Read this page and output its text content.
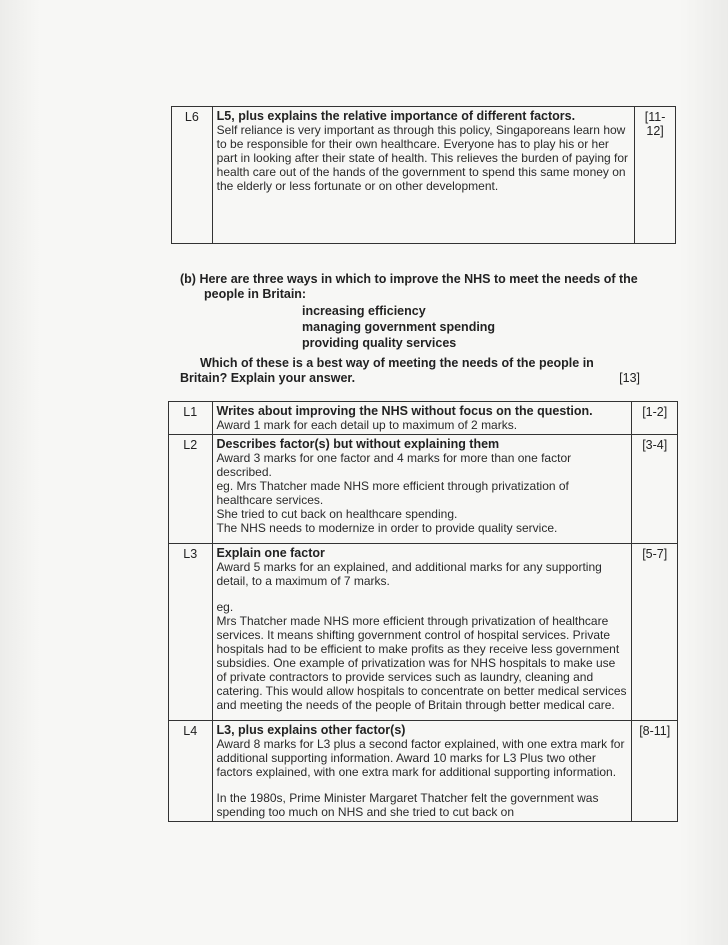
L6	L5, plus explains the relative importance of different factors.
Self reliance is very important as through this policy, Singaporeans learn how to be responsible for their own healthcare. Everyone has to play his or her part in looking after their state of health. This relieves the burden of paying for health care out of the hands of the government to spend this same money on the elderly or less fortunate or on other development.
	[11-12]
(b) Here are three ways in which to improve the NHS to meet the needs of the
people in Britain:
increasing efficiency
managing government spending
providing quality services
Which of these is a best way of meeting the needs of the people in
Britain? Explain your answer.	[13]
L1	Writes about improving the NHS without focus on the question.
Award 1 mark for each detail up to maximum of 2 marks.	[1-2]
L2	Describes factor(s) but without explaining them
Award 3 marks for one factor and 4 marks for more than one factor described.
eg. Mrs Thatcher made NHS more efficient through privatization of healthcare services.
She tried to cut back on healthcare spending.
The NHS needs to modernize in order to provide quality service.	[3-4]
L3	Explain one factor
Award 5 marks for an explained, and additional marks for any supporting detail, to a maximum of 7 marks.
eg.
Mrs Thatcher made NHS more efficient through privatization of healthcare services. It means shifting government control of hospital services. Private hospitals had to be efficient to make profits as they receive less government subsidies. One example of privatization was for NHS hospitals to make use of private contractors to provide services such as laundry, cleaning and catering. This would allow hospitals to concentrate on better medical services and meeting the needs of the people of Britain through better medical care.	[5-7]
L4	L3, plus explains other factor(s)
Award 8 marks for L3 plus a second factor explained, with one extra mark for additional supporting information. Award 10 marks for L3 Plus two other factors explained, with one extra mark for additional supporting information.
In the 1980s, Prime Minister Margaret Thatcher felt the government was spending too much on NHS and she tried to cut back on	[8-11]
